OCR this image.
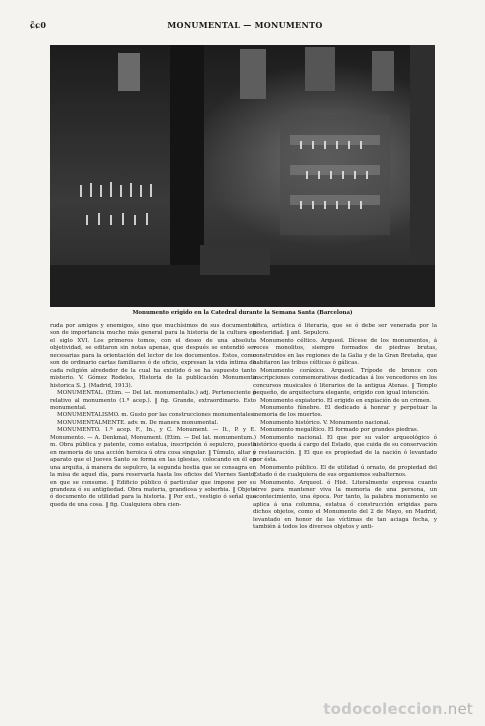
ɕ̃ɕ0	MONUMENTAL — MONUMENTO
Monumento erigido en la Catedral durante la Semana Santa (Barcelona)

ruda por amigos y enemigos, sino que muchísimos de sus documentos son de importancia mucho más general para la historia de la cultura en el siglo XVI. Los primeros tomos, con el deseo de una absoluta objetividad, se editaron sin notas apenas, que después se entendió ser necesarias para la orientación del lector de los documentos. Estos, como son de ordinario cartas familiares ó de oficio, expresan la vida íntima de cada religión alrededor de la cual ha existido ó se ha supuesto tanto misterio. V. Gómez Rodeles, Historia de la publicación Monumenta historica S. J. (Madrid, 1913).

MONUMENTAL. (Etim. — Del lat. monumentalis.) adj. Perteneciente ó relativo al monumento (1.ª acep.). ‖ fig. Grande, extraordinario. Esto monumental.

MONUMENTALISMO. m. Gusto por las construcciones monumentales.

MONUMENTALMENTE. adv. m. De manera monumental.

MONUMENTO. 1.ª acep. F., In., y C. Monument. — It., P. y E. Monumento. — A. Denkmal, Monument. (Etim. — Del lat. monumentum.) m. Obra pública y patente, como estatua, inscripción ó sepulcro, puesta en memoria de una acción heroica ú otra cosa singular. ‖ Túmulo, altar ó aparato que el Jueves Santo se forma en las iglesias, colocando en él en una arquita, á manera de sepulcro, la segunda hostia que se consagra en la misa de aquel día, para reservarla hasta los oficios del Viernes Santo, en que se consume. ‖ Edificio público ó particular que impone por su grandeza ó su antigüedad. Obra materia, grandiosa y soberbia. ‖ Objeto ó documento de utilidad para la historia. ‖ Por ext., vestigio ó señal que queda de una cosa. ‖ fig. Cualquiera obra cien-

tífica, artística ó literaria, que se ó debe ser venerada por la posteridad. ‖ ant. Sepulcro.

Monumento céltico. Arqueol. Dícese de los monumentos, á veces monolitos, siempre formados de piedras brutas, construidos en las regiones de la Galia y de la Gran Bretaña, que habitaron las tribus célticas ó gálicas.

Monumento coráxico. Arqueol. Trípode de bronce con inscripciones conmemorativas dedicadas á los vencedores en los concursos musicales ó literarios de la antigua Atenas. ‖ Templo pequeño, de arquitectura elegante, erigido con igual intención.

Monumento expiatorio. El erigido en expiación de un crimen.

Monumento fúnebre. El dedicado á honrar y perpetuar la memoria de los muertos.

Monumento histórico. V. Monumento nacional.

Monumento megalítico. El formado por grandes piedras.

Monumento nacional. El que por su valor arqueológico ó histórico queda á cargo del Estado, que cuida de su conservación y restauración. ‖ El que es propiedad de la nación ó levantado por ésta.

Monumento público. El de utilidad ú ornato, de propiedad del Estado ó de cualquiera de sus organismos subalternos.

Monumento. Arqueol. ó Hist. Literalmente expresa cuanto sirve para mantener viva la memoria de una persona, un acontecimiento, una época. Por tanto, la palabra monumento se aplica á una columna, estatua ó construcción erigidas para dichos objetos, como el Monumento del 2 de Mayo, en Madrid, levantado en honor de las víctimas de tan aciaga fecha, y también á todos los diversos objetos y anti-

todocoleccion.net
